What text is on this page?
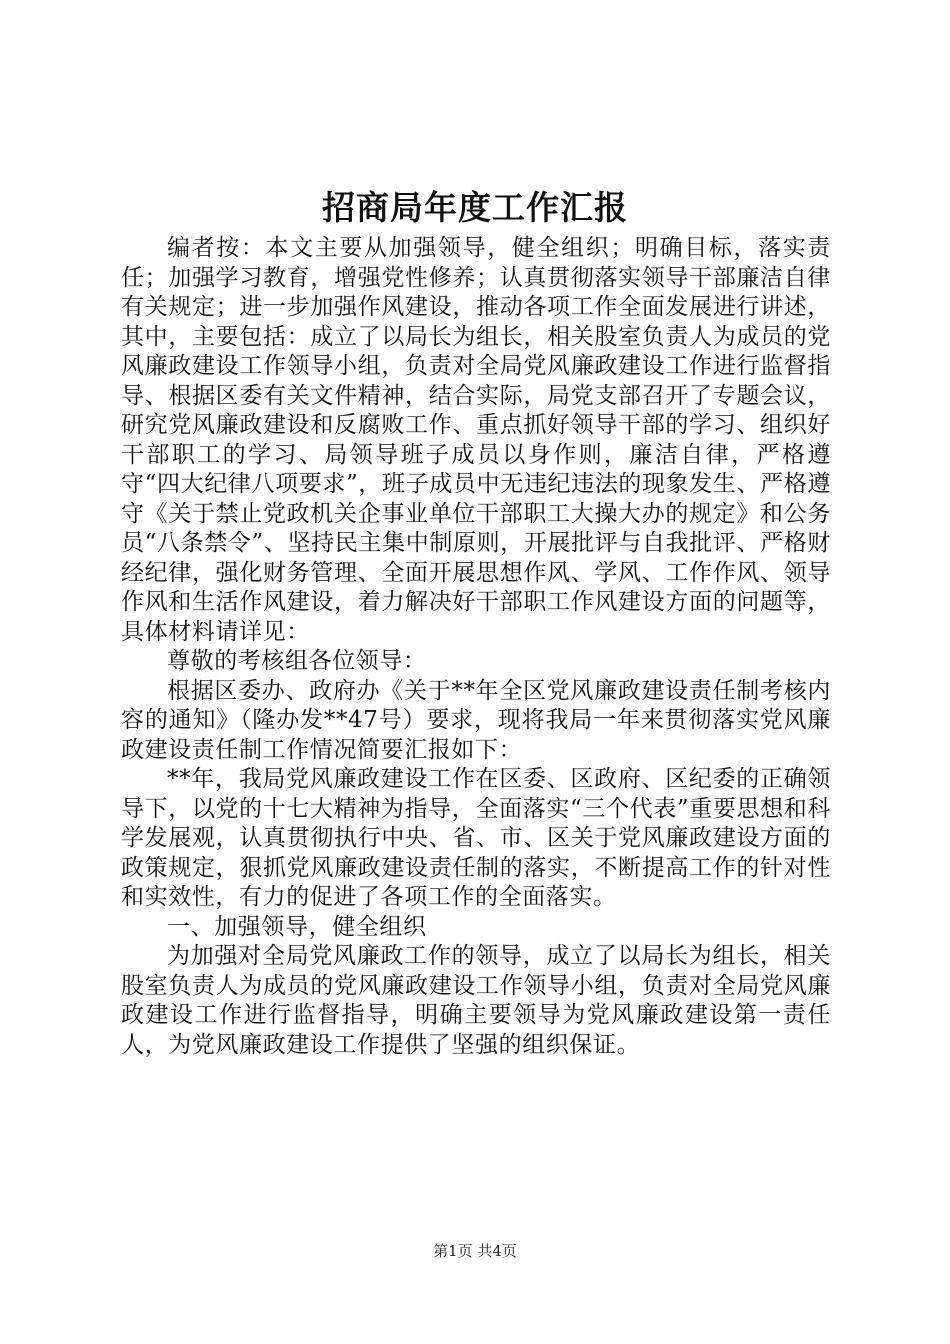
招商局年度工作汇报

编者按：本文主要从加强领导，健全组织；明确目标，落实责任；加强学习教育，增强党性修养；认真贯彻落实领导干部廉洁自律有关规定；进一步加强作风建设，推动各项工作全面发展进行讲述，其中，主要包括：成立了以局长为组长，相关股室负责人为成员的党风廉政建设工作领导小组，负责对全局党风廉政建设工作进行监督指导、根据区委有关文件精神，结合实际，局党支部召开了专题会议，研究党风廉政建设和反腐败工作、重点抓好领导干部的学习、组织好干部职工的学习、局领导班子成员以身作则，廉洁自律，严格遵守“四大纪律八项要求”，班子成员中无违纪违法的现象发生、严格遵守《关于禁止党政机关企事业单位干部职工大操大办的规定》和公务员“八条禁令”、坚持民主集中制原则，开展批评与自我批评、严格财经纪律，强化财务管理、全面开展思想作风、学风、工作作风、领导作风和生活作风建设，着力解决好干部职工作风建设方面的问题等，具体材料请详见：

尊敬的考核组各位领导：

根据区委办、政府办《关于**年全区党风廉政建设责任制考核内容的通知》（隆办发**47号）要求，现将我局一年来贯彻落实党风廉政建设责任制工作情况简要汇报如下：

**年，我局党风廉政建设工作在区委、区政府、区纪委的正确领导下，以党的十七大精神为指导，全面落实“三个代表”重要思想和科学发展观，认真贯彻执行中央、省、市、区关于党风廉政建设方面的政策规定，狠抓党风廉政建设责任制的落实，不断提高工作的针对性和实效性，有力的促进了各项工作的全面落实。

一、加强领导，健全组织

为加强对全局党风廉政工作的领导，成立了以局长为组长，相关股室负责人为成员的党风廉政建设工作领导小组，负责对全局党风廉政建设工作进行监督指导，明确主要领导为党风廉政建设第一责任人，为党风廉政建设工作提供了坚强的组织保证。

第1页 共4页
